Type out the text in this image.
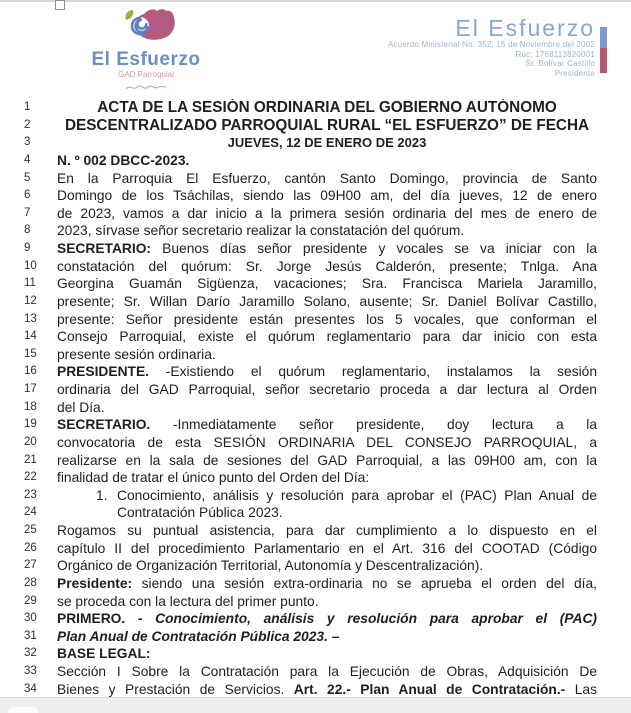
El Esfuerzo
GAD Parroquial
El Esfuerzo
Acuerdo Ministerial No. 352, 15 de Noviembre del 2002
Ruc: 1768113820001
Sr. Bolívar Castillo
Presidente
1	ACTA DE LA SESIÓN ORDINARIA DEL GOBIERNO AUTÓNOMO
2	DESCENTRALIZADO PARROQUIAL RURAL “EL ESFUERZO” DE FECHA
3	JUEVES, 12 DE ENERO DE 2023
4	N. º 002 DBCC-2023.
5	En la Parroquia El Esfuerzo, cantón Santo Domingo, provincia de Santo
6	Domingo de los Tsáchilas, siendo las 09H00 am, del día jueves, 12 de enero
7	de 2023, vamos a dar inicio a la primera sesión ordinaria del mes de enero de
8	2023, sírvase señor secretario realizar la constatación del quórum.
9	SECRETARIO: Buenos días señor presidente y vocales se va iniciar con la
10	constatación del quórum: Sr. Jorge Jesús Calderón, presente; Tnlga. Ana
11	Georgina Guamán Sigüenza, vacaciones; Sra. Francisca Mariela Jaramillo,
12	presente; Sr. Willan Darío Jaramillo Solano, ausente; Sr. Daniel Bolívar Castillo,
13	presente: Señor presidente están presentes los 5 vocales, que conforman el
14	Consejo Parroquial, existe el quórum reglamentario para dar inicio con esta
15	presente sesión ordinaria.
16	PRESIDENTE. -Existiendo el quórum reglamentario, instalamos la sesión
17	ordinaria del GAD Parroquial, señor secretario proceda a dar lectura al Orden
18	del Día.
19	SECRETARIO. -Inmediatamente señor presidente, doy lectura a la
20	convocatoria de esta SESIÓN ORDINARIA DEL CONSEJO PARROQUIAL, a
21	realizarse en la sala de sesiones del GAD Parroquial, a las 09H00 am, con la
22	finalidad de tratar el único punto del Orden del Día:
23	1. Conocimiento, análisis y resolución para aprobar el (PAC) Plan Anual de
24	Contratación Pública 2023.
25	Rogamos su puntual asistencia, para dar cumplimiento a lo dispuesto en el
26	capítulo II del procedimiento Parlamentario en el Art. 316 del COOTAD (Código
27	Orgánico de Organización Territorial, Autonomía y Descentralización).
28	Presidente: siendo una sesión extra-ordinaria no se aprueba el orden del día,
29	se proceda con la lectura del primer punto.
30	PRIMERO. - Conocimiento, análisis y resolución para aprobar el (PAC)
31	Plan Anual de Contratación Pública 2023. –
32	BASE LEGAL:
33	Sección I Sobre la Contratación para la Ejecución de Obras, Adquisición De
34	Bienes y Prestación de Servicios. Art. 22.- Plan Anual de Contratación.- Las
